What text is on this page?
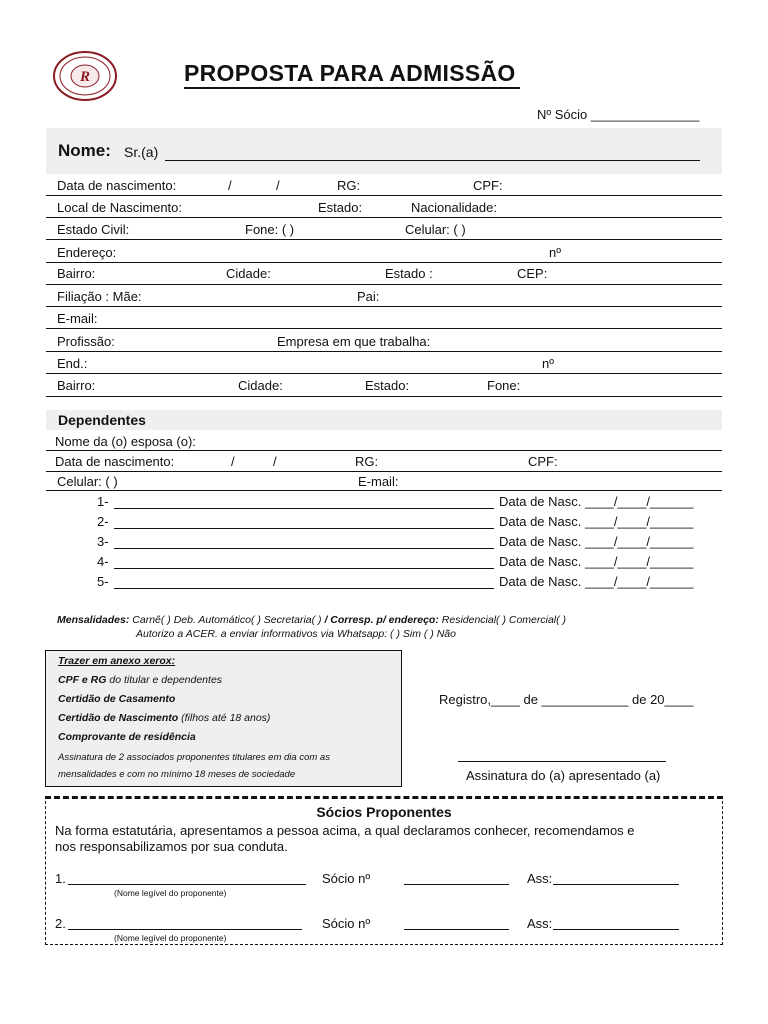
R	PROPOSTA PARA ADMISSÃO
Nº Sócio _______________
Nome: Sr.(a)
Data de nascimento:	/	/	RG:	CPF:
Local de Nascimento:	Estado:	Nacionalidade:
Estado Civil:	Fone: ( )	Celular: ( )
Endereço:	nº
Bairro:	Cidade:	Estado :	CEP:
Filiação : Mãe:	Pai:
E-mail:
Profissão:	Empresa em que trabalha:
End.:	nº
Bairro:	Cidade:	Estado:	Fone:
Dependentes
Nome da (o) esposa (o):
Data de nascimento:	/	/	RG:	CPF:
Celular: ( )	E-mail:
1-	Data de Nasc. ____/____/______
2-	Data de Nasc. ____/____/______
3-	Data de Nasc. ____/____/______
4-	Data de Nasc. ____/____/______
5-	Data de Nasc. ____/____/______
Mensalidades: Carnê( ) Deb. Automático( ) Secretaria( ) / Corresp. p/ endereço: Residencial( ) Comercial( )
Autorizo a ACER. a enviar informativos via Whatsapp: ( ) Sim ( ) Não
Trazer em anexo xerox:
CPF e RG do titular e dependentes
Certidão de Casamento
Certidão de Nascimento (filhos até 18 anos)
Comprovante de residência
Assinatura de 2 associados proponentes titulares em dia com as
mensalidades e com no mínimo 18 meses de sociedade
Registro,____ de ____________ de 20____
Assinatura do (a) apresentado (a)
Sócios Proponentes
Na forma estatutária, apresentamos a pessoa acima, a qual declaramos conhecer, recomendamos e
nos responsabilizamos por sua conduta.
1.
(Nome legível do proponente)
Sócio nº	Ass:
2.
(Nome legível do proponente)
Sócio nº	Ass:
